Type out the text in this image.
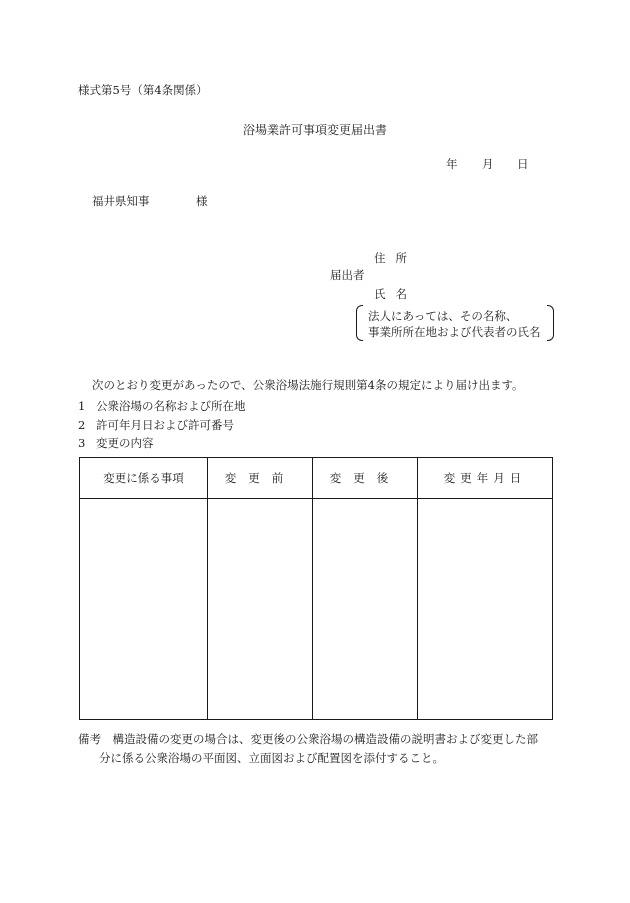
様式第5号（第4条関係）
浴場業許可事項変更届出書
年 月 日
福井県知事	様
住所
届出者
氏名
法人にあっては、その名称、
事業所所在地および代表者の氏名
次のとおり変更があったので、公衆浴場法施行規則第4条の規定により届け出ます。
1 公衆浴場の名称および所在地
2 許可年月日および許可番号
3 変更の内容
変更に係る事項	変更前	変更後	変更年月日

備考　構造設備の変更の場合は、変更後の公衆浴場の構造設備の説明書および変更した部
分に係る公衆浴場の平面図、立面図および配置図を添付すること。
